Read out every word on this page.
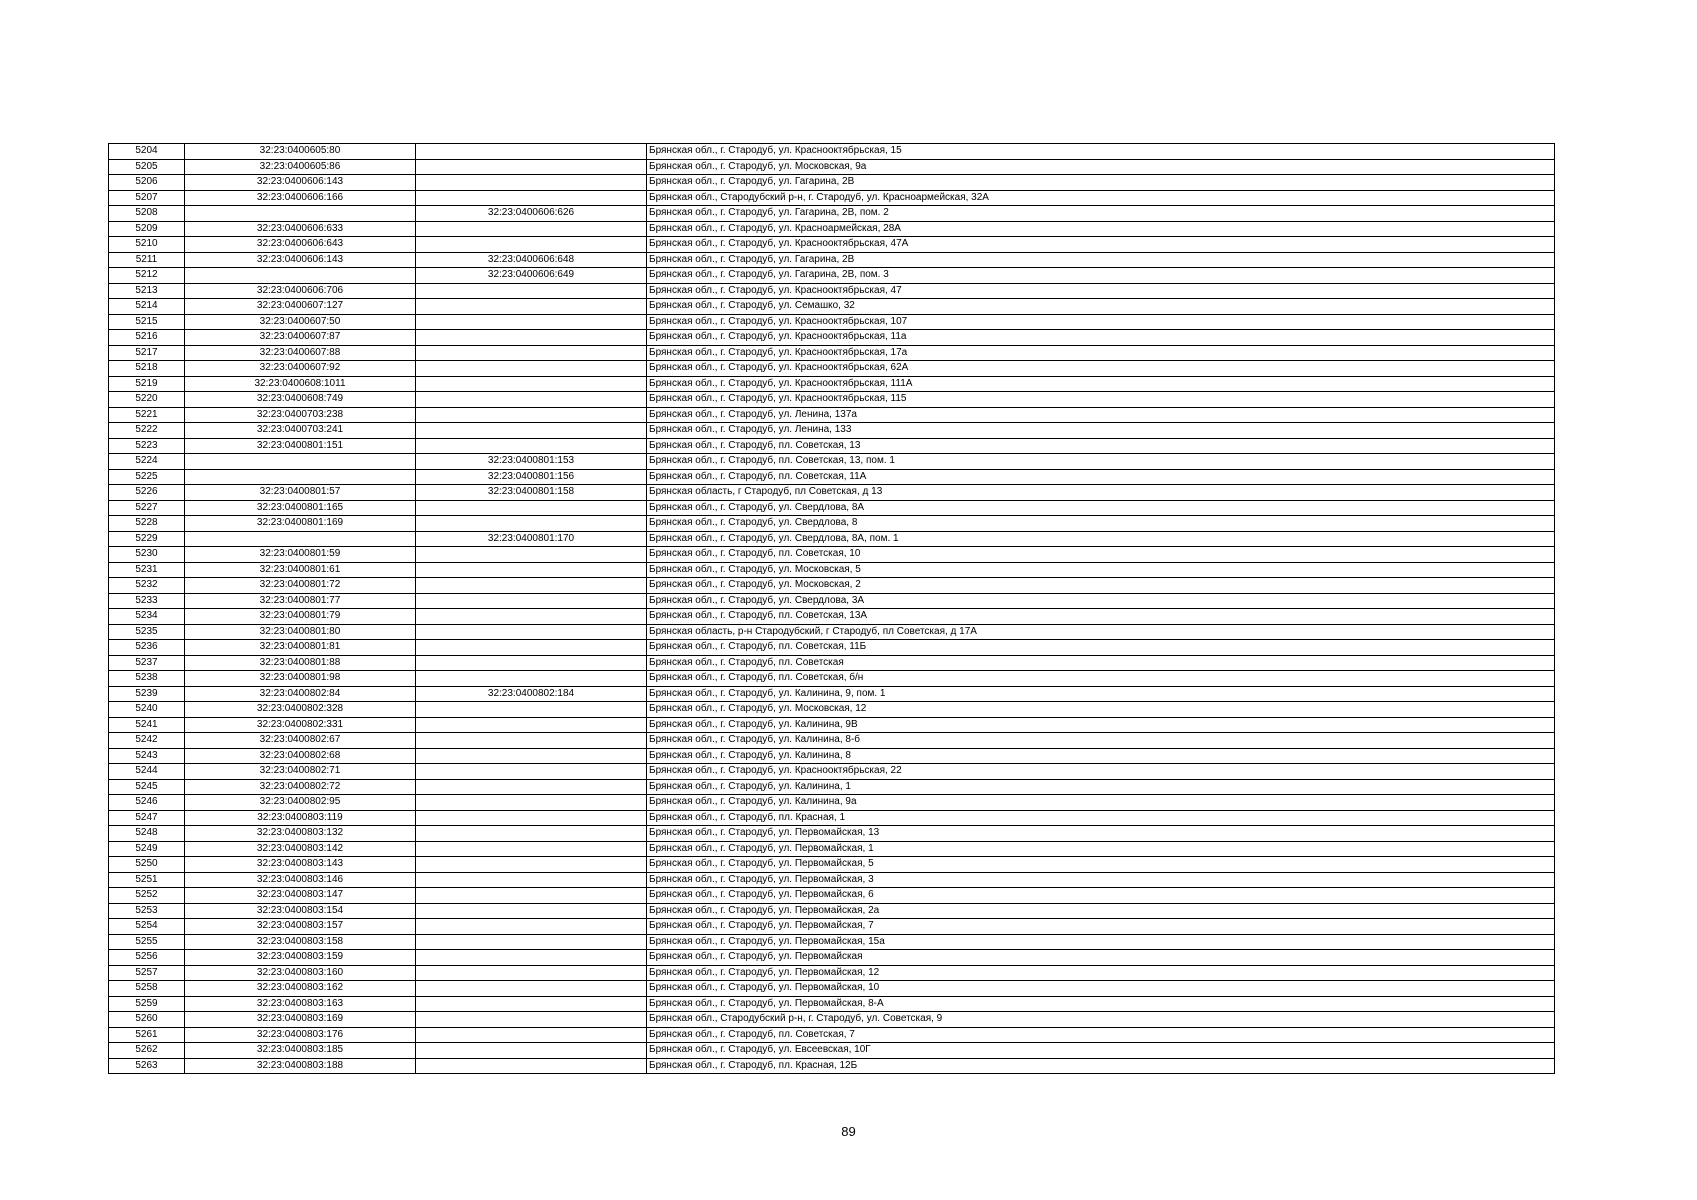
5204	32:23:0400605:80		Брянская обл., г. Стародуб, ул. Краснооктябрьская, 15
5205	32:23:0400605:86		Брянская обл., г. Стародуб, ул. Московская, 9а
5206	32:23:0400606:143		Брянская обл., г. Стародуб, ул. Гагарина, 2В
5207	32:23:0400606:166		Брянская обл., Стародубский р-н, г. Стародуб, ул. Красноармейская, 32А
5208		32:23:0400606:626	Брянская обл., г. Стародуб, ул. Гагарина, 2В, пом. 2
5209	32:23:0400606:633		Брянская обл., г. Стародуб, ул. Красноармейская, 28А
5210	32:23:0400606:643		Брянская обл., г. Стародуб, ул. Краснооктябрьская, 47А
5211	32:23:0400606:143	32:23:0400606:648	Брянская обл., г. Стародуб, ул. Гагарина, 2В
5212		32:23:0400606:649	Брянская обл., г. Стародуб, ул. Гагарина, 2В, пом. 3
5213	32:23:0400606:706		Брянская обл., г. Стародуб, ул. Краснооктябрьская, 47
5214	32:23:0400607:127		Брянская обл., г. Стародуб, ул. Семашко, 32
5215	32:23:0400607:50		Брянская обл., г. Стародуб, ул. Краснооктябрьская, 107
5216	32:23:0400607:87		Брянская обл., г. Стародуб, ул. Краснооктябрьская, 11а
5217	32:23:0400607:88		Брянская обл., г. Стародуб, ул. Краснооктябрьская, 17а
5218	32:23:0400607:92		Брянская обл., г. Стародуб, ул. Краснооктябрьская, 62А
5219	32:23:0400608:1011		Брянская обл., г. Стародуб, ул. Краснооктябрьская, 111А
5220	32:23:0400608:749		Брянская обл., г. Стародуб, ул. Краснооктябрьская, 115
5221	32:23:0400703:238		Брянская обл., г. Стародуб, ул. Ленина, 137а
5222	32:23:0400703:241		Брянская обл., г. Стародуб, ул. Ленина, 133
5223	32:23:0400801:151		Брянская обл., г. Стародуб, пл. Советская, 13
5224		32:23:0400801:153	Брянская обл., г. Стародуб, пл. Советская, 13, пом. 1
5225		32:23:0400801:156	Брянская обл., г. Стародуб, пл. Советская, 11А
5226	32:23:0400801:57	32:23:0400801:158	Брянская область, г Стародуб, пл Советская, д 13
5227	32:23:0400801:165		Брянская обл., г. Стародуб, ул. Свердлова, 8А
5228	32:23:0400801:169		Брянская обл., г. Стародуб, ул. Свердлова, 8
5229		32:23:0400801:170	Брянская обл., г. Стародуб, ул. Свердлова, 8А, пом. 1
5230	32:23:0400801:59		Брянская обл., г. Стародуб, пл. Советская, 10
5231	32:23:0400801:61		Брянская обл., г. Стародуб, ул. Московская, 5
5232	32:23:0400801:72		Брянская обл., г. Стародуб, ул. Московская, 2
5233	32:23:0400801:77		Брянская обл., г. Стародуб, ул. Свердлова, 3А
5234	32:23:0400801:79		Брянская обл., г. Стародуб, пл. Советская, 13А
5235	32:23:0400801:80		Брянская область, р-н Стародубский, г Стародуб, пл Советская, д 17А
5236	32:23:0400801:81		Брянская обл., г. Стародуб, пл. Советская, 11Б
5237	32:23:0400801:88		Брянская обл., г. Стародуб, пл. Советская
5238	32:23:0400801:98		Брянская обл., г. Стародуб, пл. Советская, б/н
5239	32:23:0400802:84	32:23:0400802:184	Брянская обл., г. Стародуб, ул. Калинина, 9, пом. 1
5240	32:23:0400802:328		Брянская обл., г. Стародуб, ул. Московская, 12
5241	32:23:0400802:331		Брянская обл., г. Стародуб, ул. Калинина, 9В
5242	32:23:0400802:67		Брянская обл., г. Стародуб, ул. Калинина, 8-б
5243	32:23:0400802:68		Брянская обл., г. Стародуб, ул. Калинина, 8
5244	32:23:0400802:71		Брянская обл., г. Стародуб, ул. Краснооктябрьская, 22
5245	32:23:0400802:72		Брянская обл., г. Стародуб, ул. Калинина, 1
5246	32:23:0400802:95		Брянская обл., г. Стародуб, ул. Калинина, 9а
5247	32:23:0400803:119		Брянская обл., г. Стародуб, пл. Красная, 1
5248	32:23:0400803:132		Брянская обл., г. Стародуб, ул. Первомайская, 13
5249	32:23:0400803:142		Брянская обл., г. Стародуб, ул. Первомайская, 1
5250	32:23:0400803:143		Брянская обл., г. Стародуб, ул. Первомайская, 5
5251	32:23:0400803:146		Брянская обл., г. Стародуб, ул. Первомайская, 3
5252	32:23:0400803:147		Брянская обл., г. Стародуб, ул. Первомайская, 6
5253	32:23:0400803:154		Брянская обл., г. Стародуб, ул. Первомайская, 2а
5254	32:23:0400803:157		Брянская обл., г. Стародуб, ул. Первомайская, 7
5255	32:23:0400803:158		Брянская обл., г. Стародуб, ул. Первомайская, 15а
5256	32:23:0400803:159		Брянская обл., г. Стародуб, ул. Первомайская
5257	32:23:0400803:160		Брянская обл., г. Стародуб, ул. Первомайская, 12
5258	32:23:0400803:162		Брянская обл., г. Стародуб, ул. Первомайская, 10
5259	32:23:0400803:163		Брянская обл., г. Стародуб, ул. Первомайская, 8-А
5260	32:23:0400803:169		Брянская обл., Стародубский р-н, г. Стародуб, ул. Советская, 9
5261	32:23:0400803:176		Брянская обл., г. Стародуб, пл. Советская, 7
5262	32:23:0400803:185		Брянская обл., г. Стародуб, ул. Евсеевская, 10Г
5263	32:23:0400803:188		Брянская обл., г. Стародуб, пл. Красная, 12Б
89
